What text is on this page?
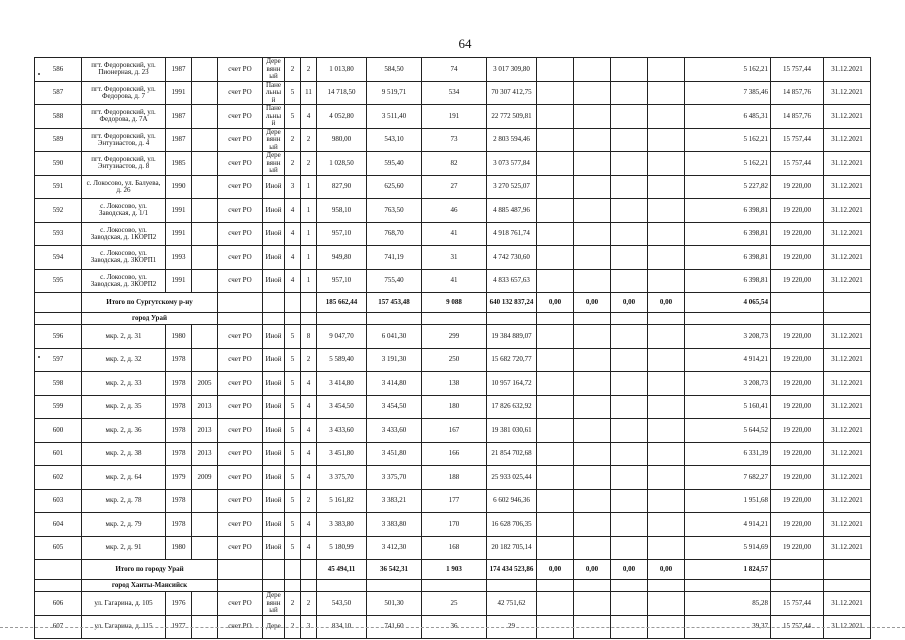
64
586	пгт. Федоровский, ул. Пионерная, д. 23	1987		счет РО	Дере вянн ый	2	2	1 013,80	584,50	74	3 017 309,80					5 162,21	15 757,44	31.12.2021
587	пгт. Федоровский, ул. Федорова, д. 7	1991		счет РО	Пане льны й	5	11	14 718,50	9 519,71	534	70 307 412,75					7 385,46	14 857,76	31.12.2021
588	пгт. Федоровский, ул. Федорова, д. 7А	1987		счет РО	Пане льны й	5	4	4 052,80	3 511,40	191	22 772 509,81					6 485,31	14 857,76	31.12.2021
589	пгт. Федоровский, ул. Энтузиастов, д. 4	1987		счет РО	Дере вянн ый	2	2	980,00	543,10	73	2 803 594,46					5 162,21	15 757,44	31.12.2021
590	пгт. Федоровский, ул. Энтузиастов, д. 8	1985		счет РО	Дере вянн ый	2	2	1 028,50	595,40	82	3 073 577,84					5 162,21	15 757,44	31.12.2021
591	с. Локосово, ул. Балуева, д. 26	1990		счет РО	Иной	3	1	827,90	625,60	27	3 270 525,07					5 227,82	19 220,00	31.12.2021
592	с. Локосово, ул. Заводская, д. 1/1	1991		счет РО	Иной	4	1	958,10	763,50	46	4 885 487,96					6 398,81	19 220,00	31.12.2021
593	с. Локосово, ул. Заводская, д. 1КОРП2	1991		счет РО	Иной	4	1	957,10	768,70	41	4 918 761,74					6 398,81	19 220,00	31.12.2021
594	с. Локосово, ул. Заводская, д. 3КОРП1	1993		счет РО	Иной	4	1	949,80	741,19	31	4 742 730,60					6 398,81	19 220,00	31.12.2021
595	с. Локосово, ул. Заводская, д. 3КОРП2	1991		счет РО	Иной	4	1	957,10	755,40	41	4 833 657,63					6 398,81	19 220,00	31.12.2021
	Итого по Сургутскому р-ну							185 662,44	157 453,48	9 088	640 132 837,24	0,00	0,00	0,00	0,00	4 065,54		
	город Урай																	
596	мкр. 2, д. 31	1980		счет РО	Иной	5	8	9 047,70	6 041,30	299	19 384 889,07					3 208,73	19 220,00	31.12.2021
597	мкр. 2, д. 32	1978		счет РО	Иной	5	2	5 589,40	3 191,30	250	15 682 720,77					4 914,21	19 220,00	31.12.2021
598	мкр. 2, д. 33	1978	2005	счет РО	Иной	5	4	3 414,80	3 414,80	138	10 957 164,72					3 208,73	19 220,00	31.12.2021
599	мкр. 2, д. 35	1978	2013	счет РО	Иной	5	4	3 454,50	3 454,50	180	17 826 632,92					5 160,41	19 220,00	31.12.2021
600	мкр. 2, д. 36	1978	2013	счет РО	Иной	5	4	3 433,60	3 433,60	167	19 381 030,61					5 644,52	19 220,00	31.12.2021
601	мкр. 2, д. 38	1978	2013	счет РО	Иной	5	4	3 451,80	3 451,80	166	21 854 702,68					6 331,39	19 220,00	31.12.2021
602	мкр. 2, д. 64	1979	2009	счет РО	Иной	5	4	3 375,70	3 375,70	188	25 933 025,44					7 682,27	19 220,00	31.12.2021
603	мкр. 2, д. 78	1978		счет РО	Иной	5	2	5 161,82	3 383,21	177	6 602 946,36					1 951,68	19 220,00	31.12.2021
604	мкр. 2, д. 79	1978		счет РО	Иной	5	4	3 383,80	3 383,80	170	16 628 706,35					4 914,21	19 220,00	31.12.2021
605	мкр. 2, д. 91	1980		счет РО	Иной	5	4	5 180,99	3 412,30	168	20 182 705,14					5 914,69	19 220,00	31.12.2021
	Итого по городу Урай							45 494,11	36 542,31	1 903	174 434 523,86	0,00	0,00	0,00	0,00	1 824,57		
	город Ханты-Мансийск																	
606	ул. Гагарина, д. 105	1976		счет РО	Дере вянн ый	2	2	543,50	501,30	25	42 751,62					85,28	15 757,44	31.12.2021
607	ул. Гагарина, д. 115	1977		счет РО	Дере	2	3	834,10	741,60	36	29					39,37	15 757,44	31.12.2021
